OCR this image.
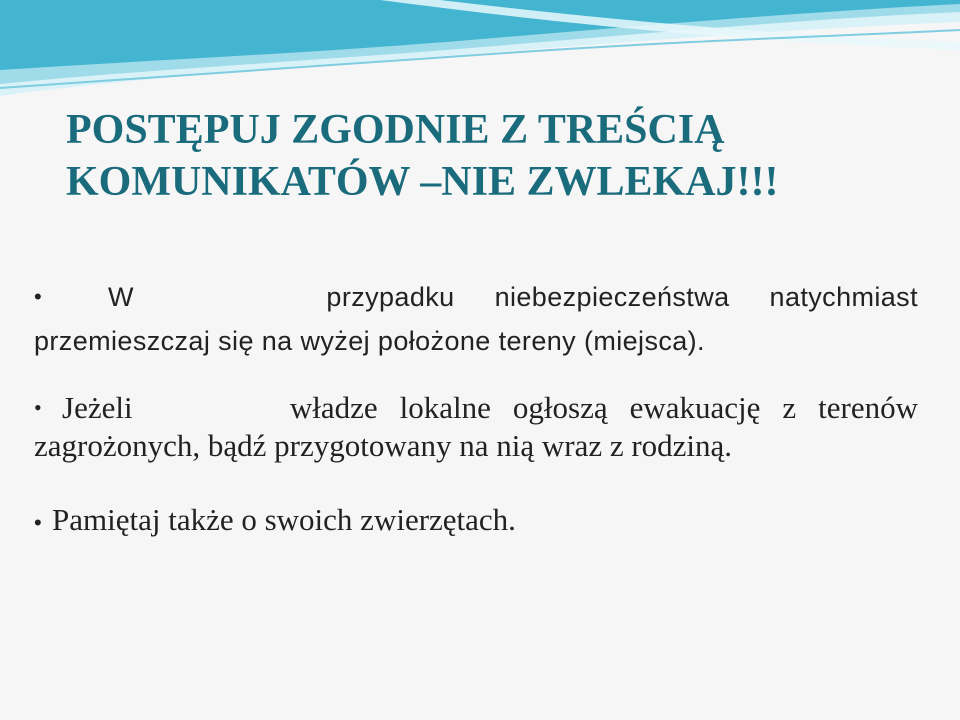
POSTĘPUJ ZGODNIE Z TREŚCIĄ
KOMUNIKATÓW –NIE ZWLEKAJ!!!
•	W	przypadku niebezpieczeństwa natychmiast
przemieszczaj się na wyżej położone tereny (miejsca).
• Jeżeli	władze lokalne ogłoszą ewakuację z terenów
zagrożonych, bądź przygotowany na nią wraz z rodziną.
• Pamiętaj także o swoich zwierzętach.
